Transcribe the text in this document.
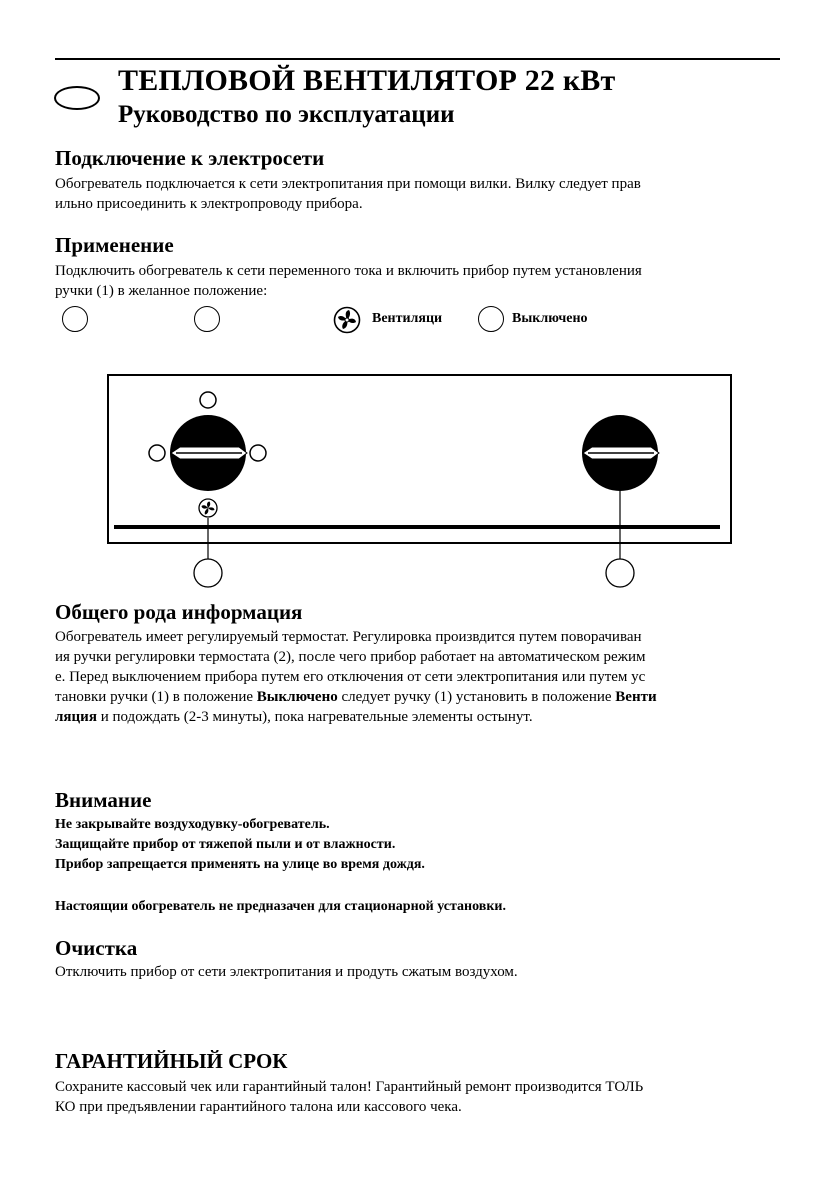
ТЕПЛОВОЙ ВЕНТИЛЯТОР 22 кВт
Руководство по эксплуатации
Подключение к электросети
Обогреватель подключается к сети электропитания при помощи вилки. Вилку следует прав
ильно присоединить к электропроводу прибора.
Применение
Подключить обогреватель к сети переменного тока и включить прибор путем установления
ручки (1) в желанное положение:
Вентиляци	Выключено
Общего рода информация
Обогреватель имеет регулируемый термостат. Регулировка произвдится путем поворачиван
ия ручки регулировки термостата (2), после чего прибор работает на автоматическом режим
е. Перед выключением прибора путем его отключения от сети электропитания или путем ус
тановки ручки (1) в положение Выключено следует ручку (1) установить в положение Венти
ляция и подождать (2-3 минуты), пока нагревательные элементы остынут.
Внимание
Не закрывайте воздуходувку-обогреватель.
Защищайте прибор от тяжепой пыли и от влажности.
Прибор запрещается применять на улице во время дождя.
Настоящии обогреватель не предназачен для стационарной установки.
Очистка
Отключить прибор от сети электропитания и продуть сжатым воздухом.
ГАРАНТИЙНЫЙ СРОК
Сохраните кассовый чек или гарантийный талон! Гарантийный ремонт производится ТОЛЬ
КО при предъявлении гарантийного талона или кассового чека.
